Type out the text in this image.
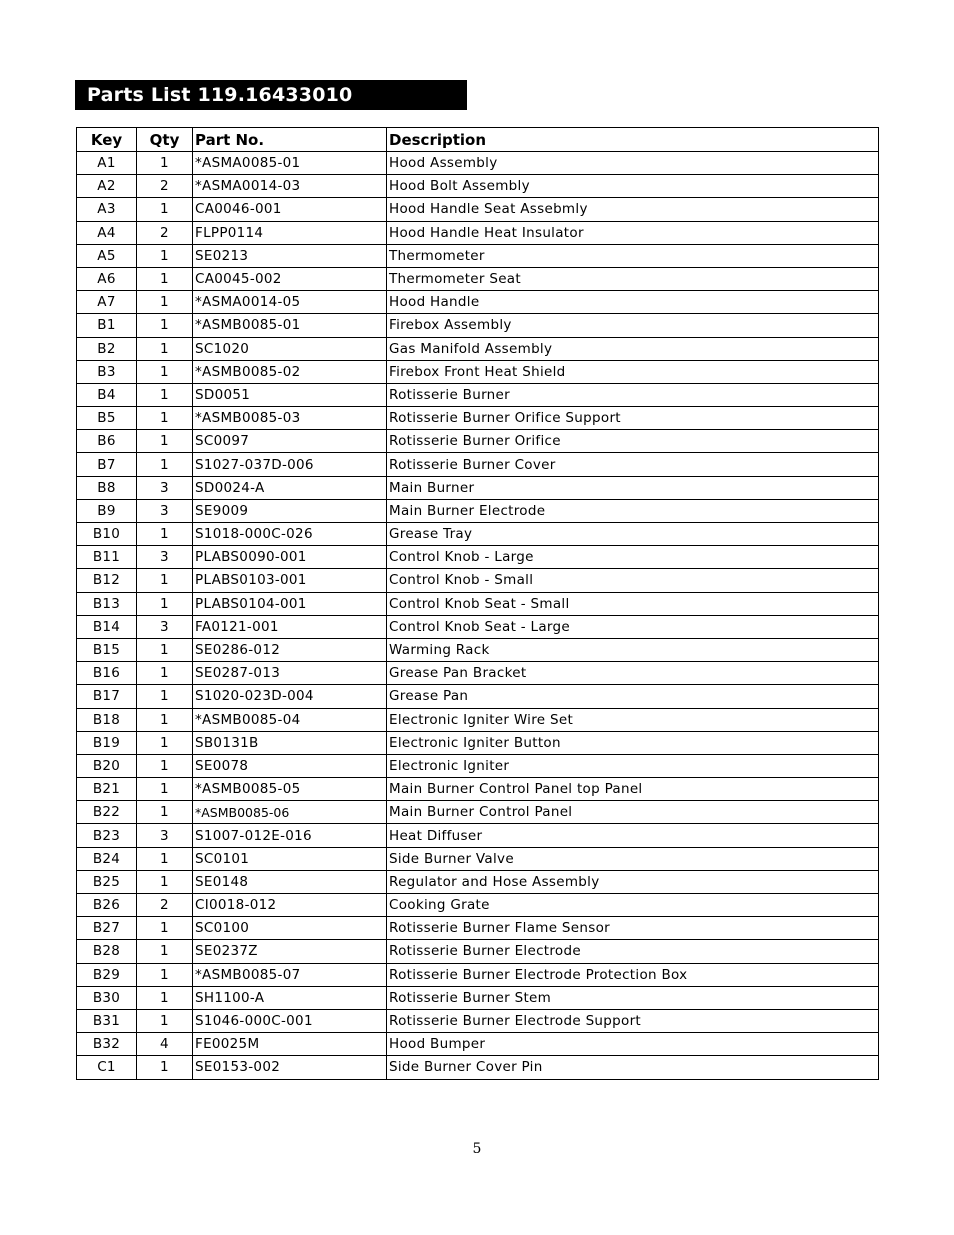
Parts List 119.16433010
Key	Qty	Part No.	Description
A1	1	*ASMA0085-01	Hood Assembly
A2	2	*ASMA0014-03	Hood Bolt Assembly
A3	1	CA0046-001	Hood Handle Seat Assebmly
A4	2	FLPP0114	Hood Handle Heat Insulator
A5	1	SE0213	Thermometer
A6	1	CA0045-002	Thermometer Seat
A7	1	*ASMA0014-05	Hood Handle
B1	1	*ASMB0085-01	Firebox Assembly
B2	1	SC1020	Gas Manifold Assembly
B3	1	*ASMB0085-02	Firebox Front Heat Shield
B4	1	SD0051	Rotisserie Burner
B5	1	*ASMB0085-03	Rotisserie Burner Orifice Support
B6	1	SC0097	Rotisserie Burner Orifice
B7	1	S1027-037D-006	Rotisserie Burner Cover
B8	3	SD0024-A	Main Burner
B9	3	SE9009	Main Burner Electrode
B10	1	S1018-000C-026	Grease Tray
B11	3	PLABS0090-001	Control Knob - Large
B12	1	PLABS0103-001	Control Knob - Small
B13	1	PLABS0104-001	Control Knob Seat - Small
B14	3	FA0121-001	Control Knob Seat - Large
B15	1	SE0286-012	Warming Rack
B16	1	SE0287-013	Grease Pan Bracket
B17	1	S1020-023D-004	Grease Pan
B18	1	*ASMB0085-04	Electronic Igniter Wire Set
B19	1	SB0131B	Electronic Igniter Button
B20	1	SE0078	Electronic Igniter
B21	1	*ASMB0085-05	Main Burner Control Panel top Panel
B22	1	*ASMB0085-06	Main Burner Control Panel
B23	3	S1007-012E-016	Heat Diffuser
B24	1	SC0101	Side Burner Valve
B25	1	SE0148	Regulator and Hose Assembly
B26	2	CI0018-012	Cooking Grate
B27	1	SC0100	Rotisserie Burner Flame Sensor
B28	1	SE0237Z	Rotisserie Burner Electrode
B29	1	*ASMB0085-07	Rotisserie Burner Electrode Protection Box
B30	1	SH1100-A	Rotisserie Burner Stem
B31	1	S1046-000C-001	Rotisserie Burner Electrode Support
B32	4	FE0025M	Hood Bumper
C1	1	SE0153-002	Side Burner Cover Pin
5
